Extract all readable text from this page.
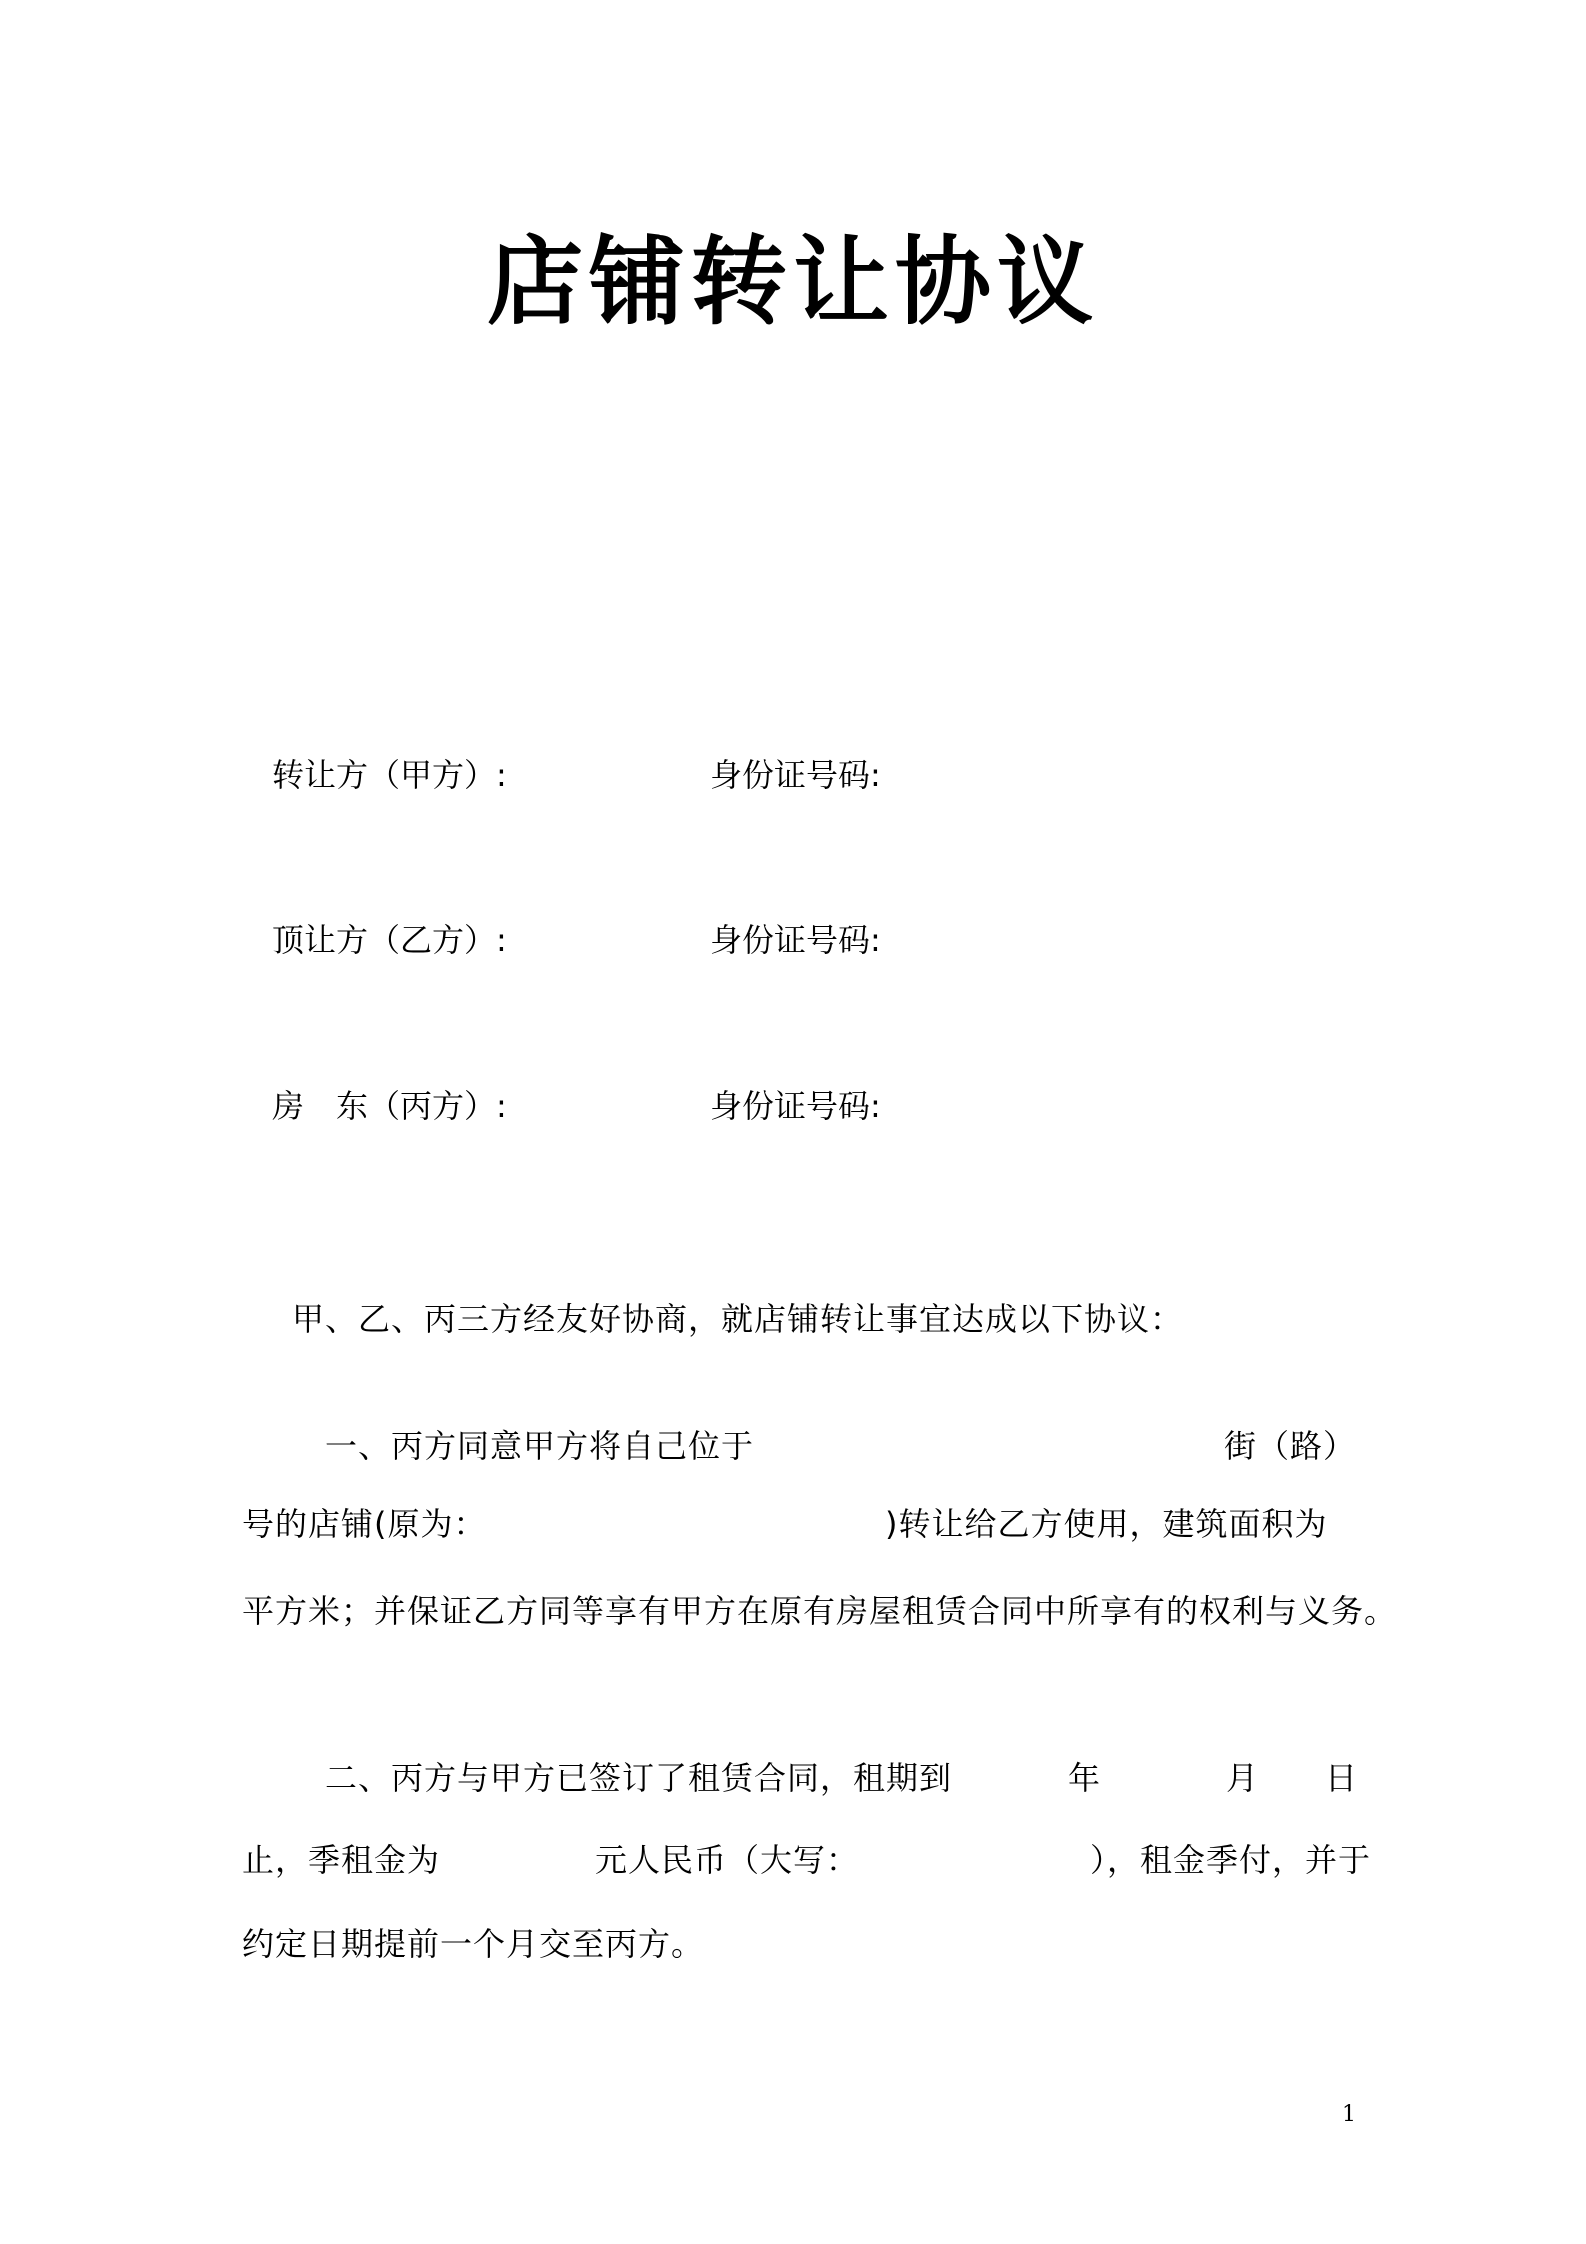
店铺转让协议
转让方（甲方）:	身份证号码:
顶让方（乙方）:	身份证号码:
房　东（丙方）:	身份证号码:
甲、乙、丙三方经友好协商，就店铺转让事宜达成以下协议：
一、丙方同意甲方将自己位于	街（路）
号的店铺(原为：	)转让给乙方使用，建筑面积为
平方米；并保证乙方同等享有甲方在原有房屋租赁合同中所享有的权利与义务。
二、丙方与甲方已签订了租赁合同，租期到	年	月 日
止，季租金为	元人民币（大写：	），租金季付，并于
约定日期提前一个月交至丙方。
1
